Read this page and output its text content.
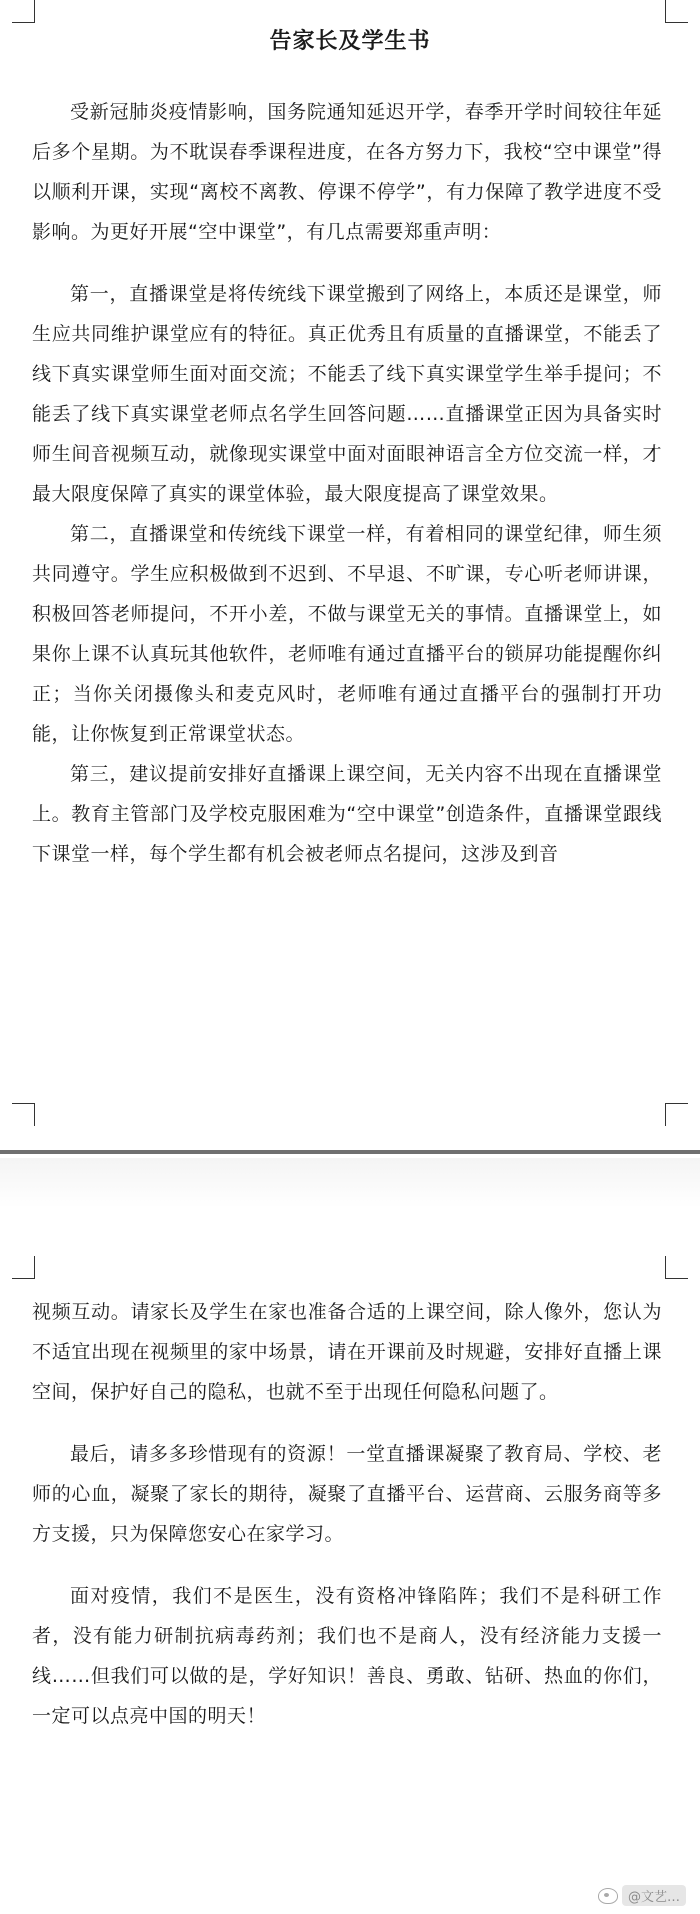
告家长及学生书

受新冠肺炎疫情影响，国务院通知延迟开学，春季开学时间较往年延后多个星期。为不耽误春季课程进度，在各方努力下，我校“空中课堂”得以顺利开课，实现“离校不离教、停课不停学”，有力保障了教学进度不受影响。为更好开展“空中课堂”，有几点需要郑重声明：

第一，直播课堂是将传统线下课堂搬到了网络上，本质还是课堂，师生应共同维护课堂应有的特征。真正优秀且有质量的直播课堂，不能丢了线下真实课堂师生面对面交流；不能丢了线下真实课堂学生举手提问；不能丢了线下真实课堂老师点名学生回答问题……直播课堂正因为具备实时师生间音视频互动，就像现实课堂中面对面眼神语言全方位交流一样，才最大限度保障了真实的课堂体验，最大限度提高了课堂效果。

第二，直播课堂和传统线下课堂一样，有着相同的课堂纪律，师生须共同遵守。学生应积极做到不迟到、不早退、不旷课，专心听老师讲课，积极回答老师提问，不开小差，不做与课堂无关的事情。直播课堂上，如果你上课不认真玩其他软件，老师唯有通过直播平台的锁屏功能提醒你纠正；当你关闭摄像头和麦克风时，老师唯有通过直播平台的强制打开功能，让你恢复到正常课堂状态。

第三，建议提前安排好直播课上课空间，无关内容不出现在直播课堂上。教育主管部门及学校克服困难为“空中课堂”创造条件，直播课堂跟线下课堂一样，每个学生都有机会被老师点名提问，这涉及到音

视频互动。请家长及学生在家也准备合适的上课空间，除人像外，您认为不适宜出现在视频里的家中场景，请在开课前及时规避，安排好直播上课空间，保护好自己的隐私，也就不至于出现任何隐私问题了。

最后，请多多珍惜现有的资源！一堂直播课凝聚了教育局、学校、老师的心血，凝聚了家长的期待，凝聚了直播平台、运营商、云服务商等多方支援，只为保障您安心在家学习。

面对疫情，我们不是医生，没有资格冲锋陷阵；我们不是科研工作者，没有能力研制抗病毒药剂；我们也不是商人，没有经济能力支援一线……但我们可以做的是，学好知识！善良、勇敢、钻研、热血的你们，一定可以点亮中国的明天！

@文艺…
